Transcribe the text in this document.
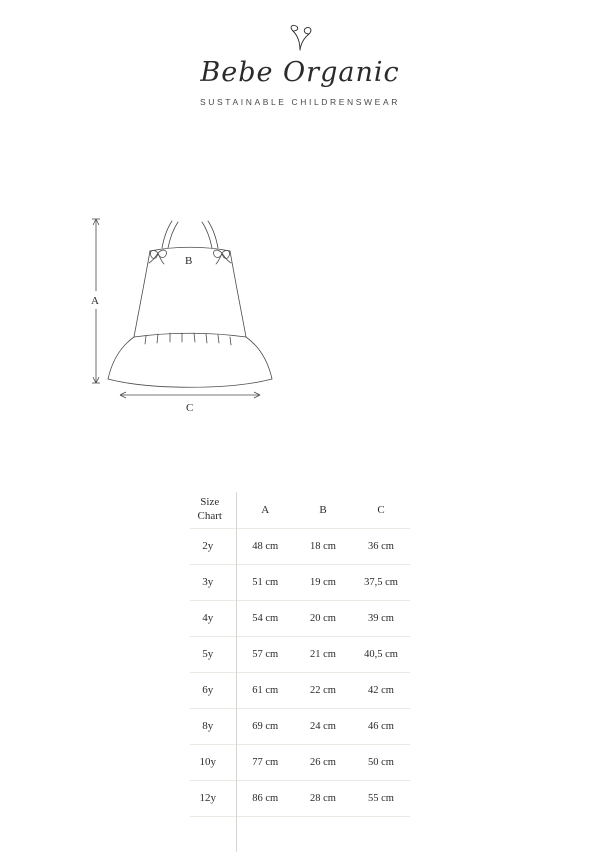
Bebe Organic
SUSTAINABLE CHILDRENSWEAR
A
C
B
Size
Chart	A	B	C
2y	48 cm	18 cm	36 cm
3y	51 cm	19 cm	37,5 cm
4y	54 cm	20 cm	39 cm
5y	57 cm	21 cm	40,5 cm
6y	61 cm	22 cm	42 cm
8y	69 cm	24 cm	46 cm
10y	77 cm	26 cm	50 cm
12y	86 cm	28 cm	55 cm
